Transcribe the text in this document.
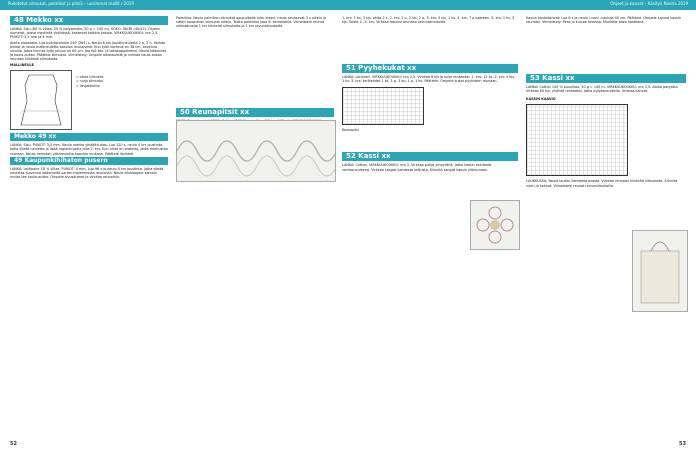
Pudotetut silmukat, palmikot ja pitsiä – uusimmat mallit / 2019	Ohjeet ja kaavat – Käsityö Novita 2019
48 Mekko xx

LANKA: Sisu (80 % villaa, 20 % polyamidia, 50 g = 140 m). KOKO: 36/38 (40/42). Ohjeen numerot, joissa merkintä yksikössä, koskevat kaikkia kokoja. VIRKKUUKOUKKU: nro 2,5. PUIKOT: 3,5 mm ja 4 mm.

Aloita alaosasta. Luo pyöröpuikolle 240 (264) s. Neulo 6 krs joustinneuletta 2 o, 2 n. Vaihda puikot ja neulo mallineuletta kaavion mukaisesti. Kun työn korkeus on 38 cm, kavenna sivuilla. Jatka kunnes työn pituus on 60 cm. Jaa työ etu- ja takakappaleeksi. Neulo kädentiet ja kaula-aukko. Päättele silmukat. Viimeistely: Ompele olkasaumat ja virkkaa kaula-aukon reunaan kiinteitä silmukoita.

MALLINEULE
= oikea silmukka
= nurja silmukka
= langankierto
Mekko 49 xx

LANKA: Sisu. PUIKOT: 3,5 mm. Neulo mekko ylhäältä alas. Luo 120 s, neulo 4 krs joustinta. Jatka sileää neuletta ja lisää raglanlinjoille joka 2. krs. Kun hihat on erotettu, jatka miehustaa suoraan. Neulo helmaan pitsineuletta kaavion mukaan. Päättele löyhästi.

49 Kaupunkihihaton pusero

LANKA: Lettipoint 18 % villaa. PUIKOT: 4 mm. Luo 96 s ja neulo 8 krs joustinta. Jatka sileää neuletta. Kavenna kädenteitä varten molemmista reunoista. Neulo etukappale samoin mutta tee kaula-aukko. Ompele sivusaumat ja virkkaa reunoihin.

52

Palmikko: Neulo palmikon silmukat apupuikolle työn eteen, neulo seuraavat 3 s oikein ja sitten apupuikon silmukat oikein. Toista palmikko joka 6. kerroksella. Viimeistele reunat virkkaamalla 1 krs kiinteitä silmukoita ja 1 krs ravunsilmukoita.

50 Reunapitsit xx

1. krs: 1 ks, 3 kjs, ohita 2 s. 2. krs: 2 p, 2 kjs, 2 p. 3. krs: 5 kjs, 1 ks. 4. krs: 7 p kaareen. 5. krs: 1 ks, 3 kjs. Toista 2.–5. krs. Virkkaa lopuksi reunaan ravunsilmukoita.

51 Pyyhekukat xx

LANKA: Lenkkari. VIRKKUUKOUKKU: nro 2,5. Virkkaa 6 kjs ja sulje renkaaksi. 1. krs: 12 ks. 2. krs: 5 kjs, 1 ks. 3. krs: terälehdet 1 ks, 1 p, 3 kp, 1 p, 1 ks. Päättele. Ompele kukat pyyhkeen reunaan.

Reunapitsi
52 Kassi xx

LANKA: Cotton. VIRKKUUKOUKKU: nro 3. Virkkaa pohja ympyränä. Jatka kassin seinämät verkkoneuleena. Virkkaa sangat kahdesta ketjusta. Kiinnitä sangat kassin yläreunaan.

Kassin kantokahvat: Luo 6 s ja neulo i-cord -nauhaa 40 cm. Päättele. Ompele kahvat kassin reunaan. Viimeistely: Pese ja kuivaa tasossa. Muotoile kassi kosteana.

53 Kassi xx

LANKA: Cotton 100 % puuvillaa, 50 g = 140 m. VIRKKUUKOUKKU: nro 3,5. Aloita pohjasta. Virkkaa 60 kjs, yhdistä renkaaksi. Jatka pylväsneuleella. Virkkaa kahvat.

KASSIN KAAVIO

LAUKKUSSA: Neulo laukku kahdesta osasta. Virkkaa reunaan kiinteitä silmukoita. Kiinnitä vuori ja kahvat. Viimeistele reunat ravunsilmukoilla.

53
